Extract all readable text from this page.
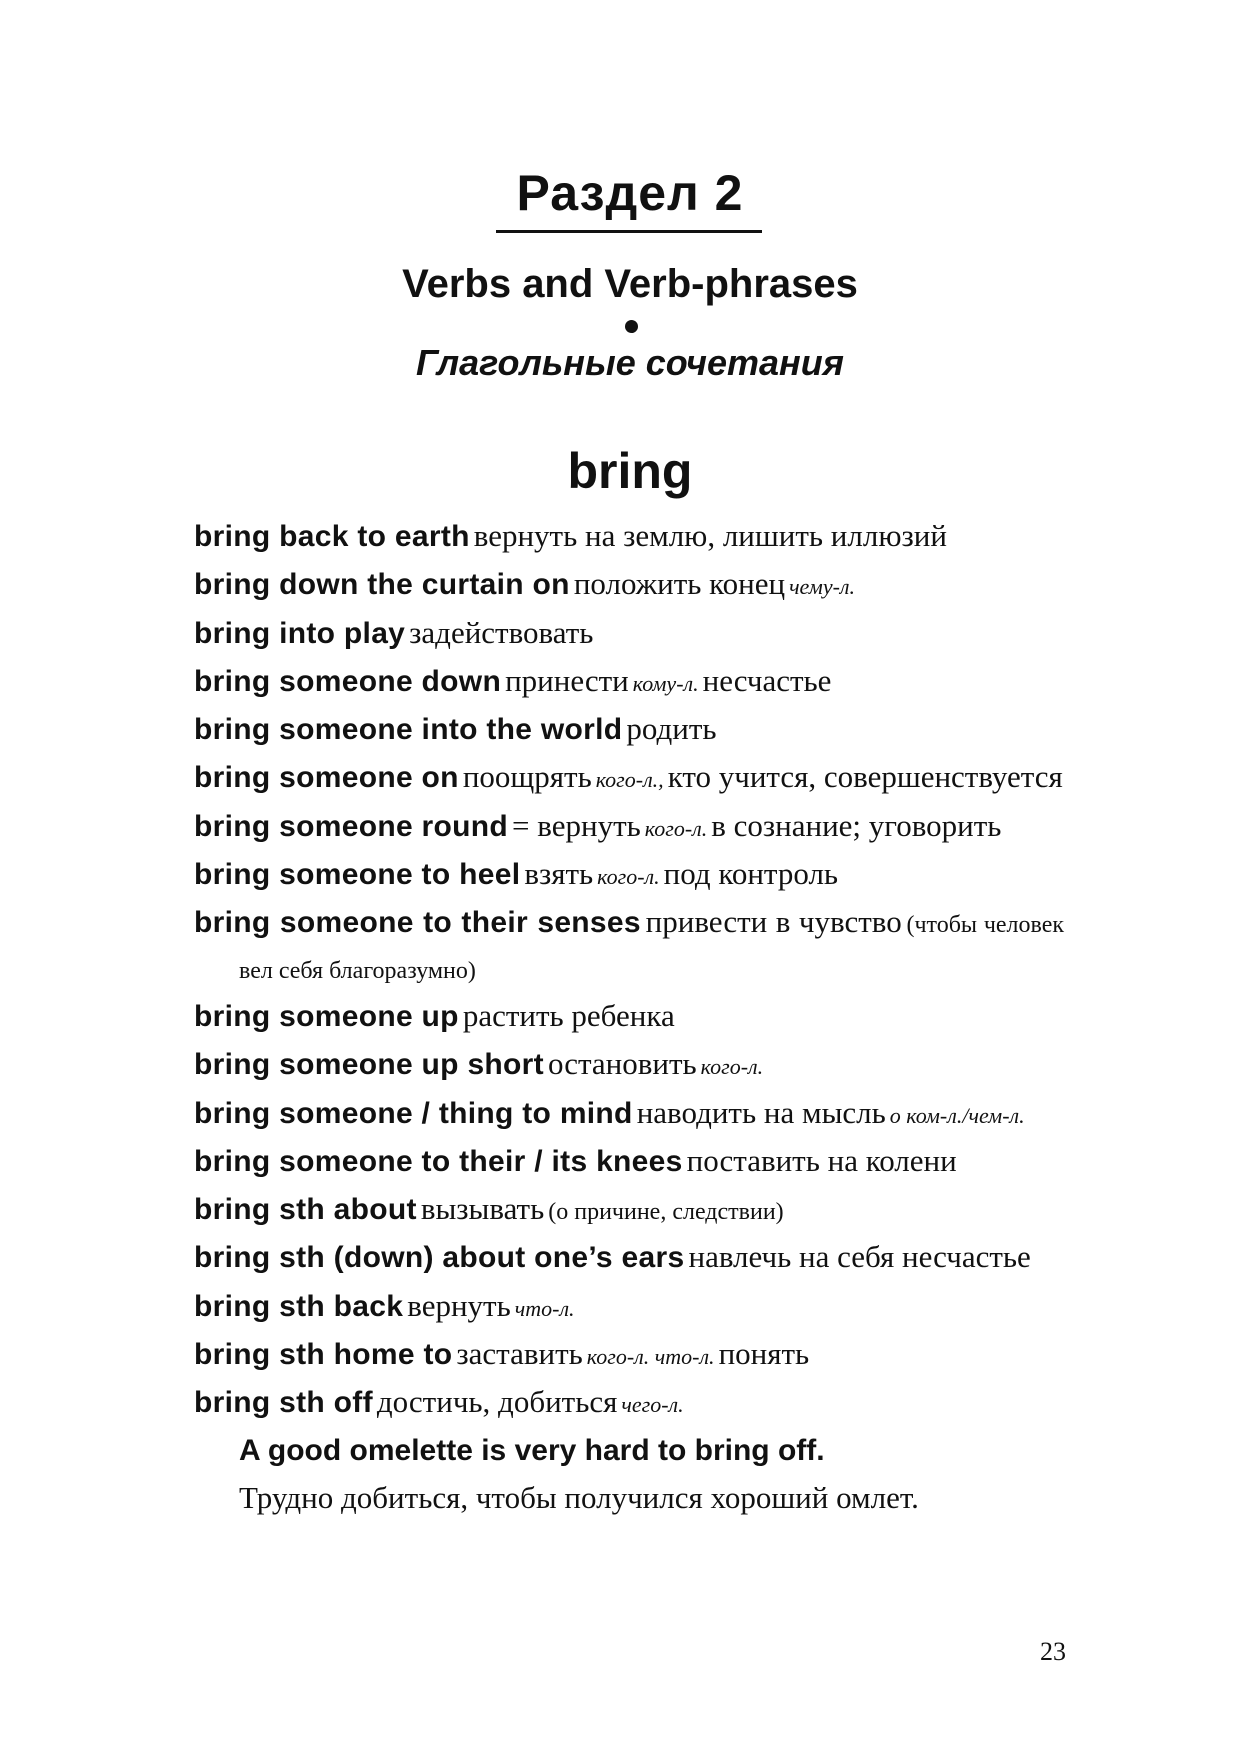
Раздел 2
Verbs and Verb-phrases
Глагольные сочетания
bring
bring back to earth вернуть на землю, лишить иллюзий
bring down the curtain on положить конец чему-л.
bring into play задействовать
bring someone down принести кому-л. несчастье
bring someone into the world родить
bring someone on поощрять кого-л., кто учится, совершенствуется
bring someone round = вернуть кого-л. в сознание; уговорить
bring someone to heel взять кого-л. под контроль
bring someone to their senses привести в чувство (чтобы человек вел себя благоразумно)
bring someone up растить ребенка
bring someone up short остановить кого-л.
bring someone / thing to mind наводить на мысль о ком-л./чем-л.
bring someone to their / its knees поставить на колени
bring sth about вызывать (о причине, следствии)
bring sth (down) about one’s ears навлечь на себя несчастье
bring sth back вернуть что-л.
bring sth home to заставить кого-л. что-л. понять
bring sth off достичь, добиться чего-л.
A good omelette is very hard to bring off.
Трудно добиться, чтобы получился хороший омлет.
23
